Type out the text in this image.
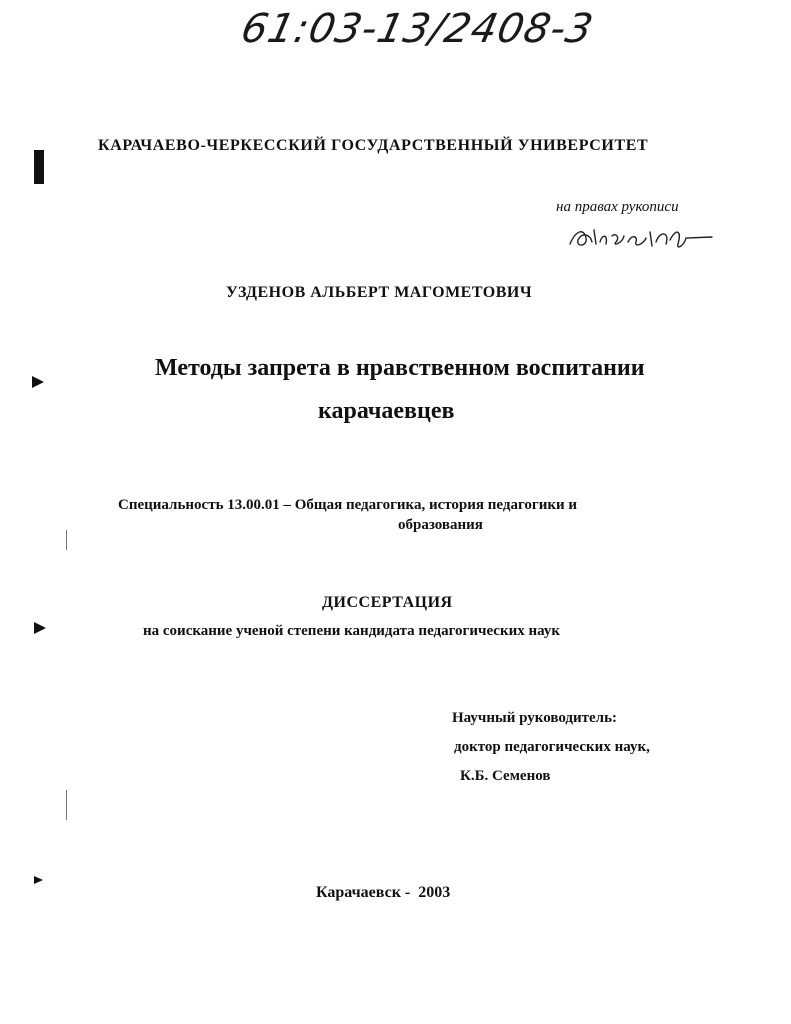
61:03-13/2408-3
КАРАЧАЕВО-ЧЕРКЕССКИЙ ГОСУДАРСТВЕННЫЙ УНИВЕРСИТЕТ
на правах рукописи
УЗДЕНОВ АЛЬБЕРТ МАГОМЕТОВИЧ
Методы запрета в нравственном воспитании
карачаевцев
Специальность 13.00.01 – Общая педагогика, история педагогики и
образования
ДИССЕРТАЦИЯ
на соискание ученой степени кандидата педагогических наук
Научный руководитель:
доктор педагогических наук,
К.Б. Семенов
Карачаевск -  2003
